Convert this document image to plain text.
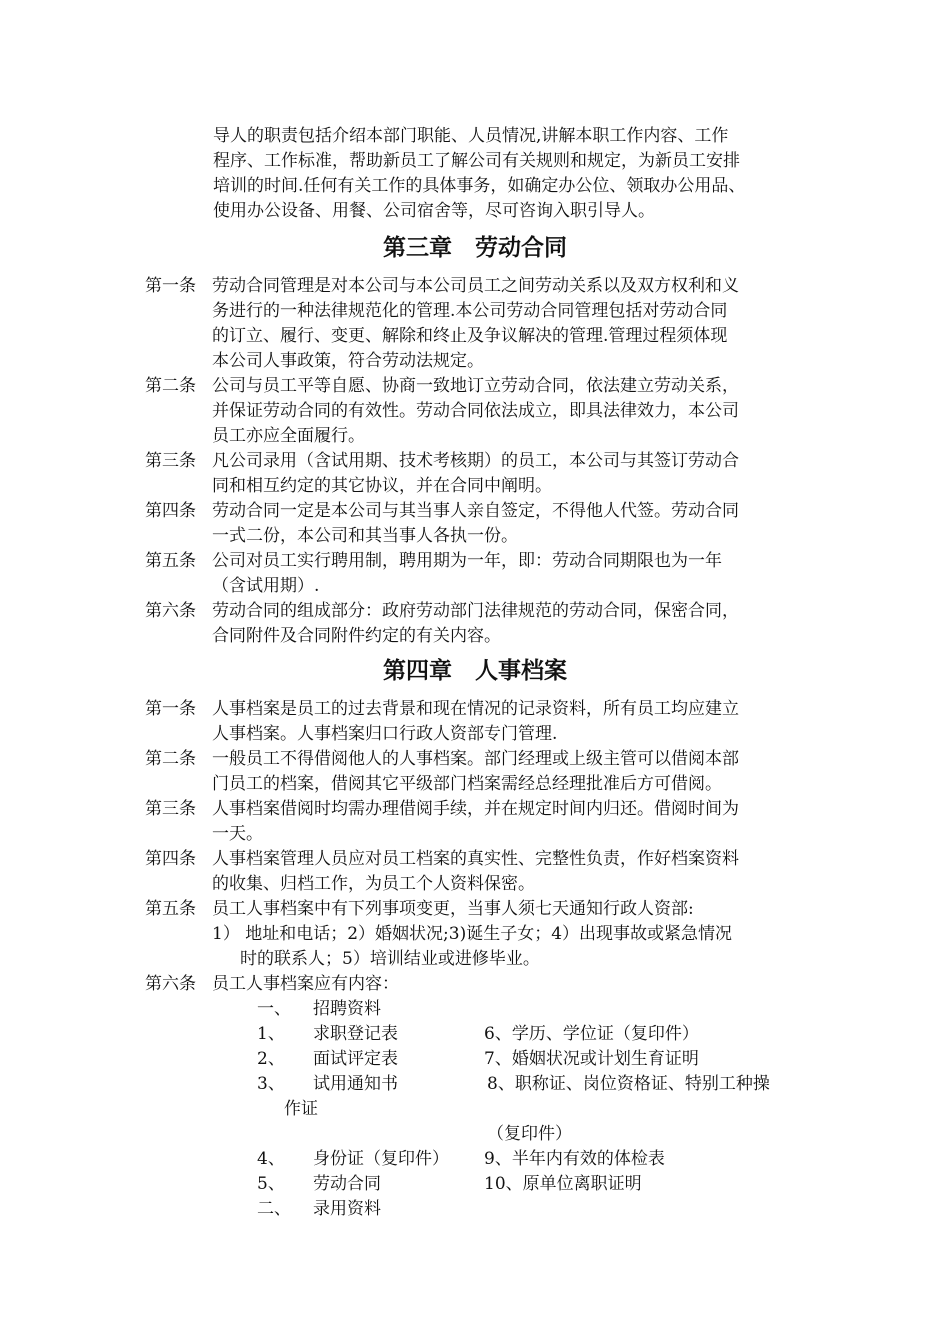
导人的职责包括介绍本部门职能、人员情况,讲解本职工作内容、工作
程序、工作标准，帮助新员工了解公司有关规则和规定，为新员工安排
培训的时间.任何有关工作的具体事务，如确定办公位、领取办公用品、
使用办公设备、用餐、公司宿舍等，尽可咨询入职引导人。
第三章　劳动合同
第一条 劳动合同管理是对本公司与本公司员工之间劳动关系以及双方权利和义
务进行的一种法律规范化的管理.本公司劳动合同管理包括对劳动合同
的订立、履行、变更、解除和终止及争议解决的管理.管理过程须体现
本公司人事政策，符合劳动法规定。
第二条 公司与员工平等自愿、协商一致地订立劳动合同，依法建立劳动关系，
并保证劳动合同的有效性。劳动合同依法成立，即具法律效力，本公司
员工亦应全面履行。
第三条 凡公司录用（含试用期、技术考核期）的员工，本公司与其签订劳动合
同和相互约定的其它协议，并在合同中阐明。
第四条 劳动合同一定是本公司与其当事人亲自签定，不得他人代签。劳动合同
一式二份，本公司和其当事人各执一份。
第五条 公司对员工实行聘用制，聘用期为一年，即：劳动合同期限也为一年
（含试用期）.
第六条 劳动合同的组成部分：政府劳动部门法律规范的劳动合同，保密合同，
合同附件及合同附件约定的有关内容。
第四章　人事档案
第一条 人事档案是员工的过去背景和现在情况的记录资料，所有员工均应建立
人事档案。人事档案归口行政人资部专门管理.
第二条 一般员工不得借阅他人的人事档案。部门经理或上级主管可以借阅本部
门员工的档案，借阅其它平级部门档案需经总经理批准后方可借阅。
第三条 人事档案借阅时均需办理借阅手续，并在规定时间内归还。借阅时间为
一天。
第四条 人事档案管理人员应对员工档案的真实性、完整性负责，作好档案资料
的收集、归档工作，为员工个人资料保密。
第五条 员工人事档案中有下列事项变更，当事人须七天通知行政人资部:
1） 地址和电话；2）婚姻状况;3)诞生子女；4）出现事故或紧急情况
时的联系人；5）培训结业或进修毕业。
第六条 员工人事档案应有内容：
一、 招聘资料
1、 求职登记表	6、学历、学位证（复印件）
2、 面试评定表	7、婚姻状况或计划生育证明
3、 试用通知书	8、职称证、岗位资格证、特别工种操
作证
（复印件）
4、 身份证（复印件） 9、半年内有效的体检表
5、 劳动合同	10、原单位离职证明
二、 录用资料
